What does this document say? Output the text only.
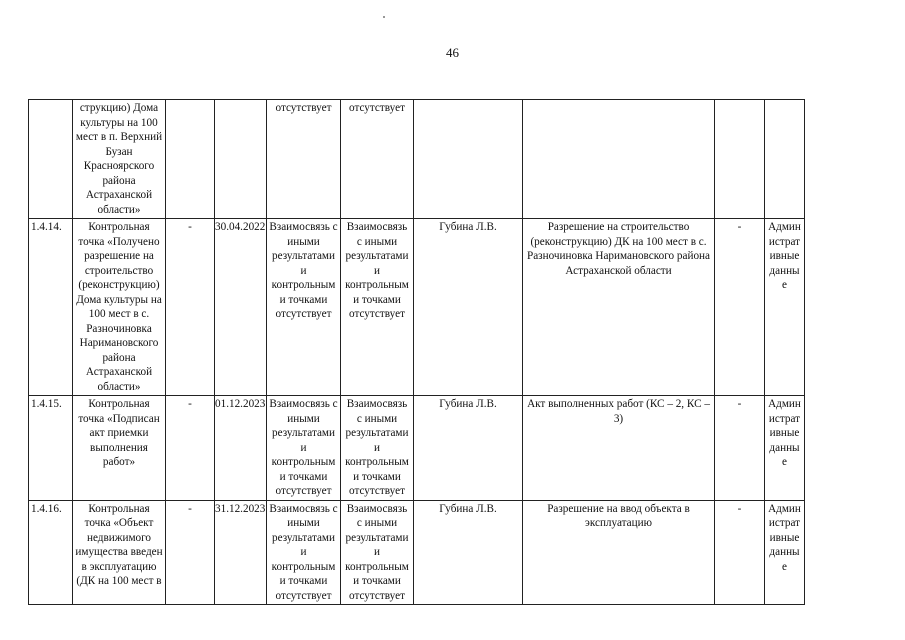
46
	струкцию) Дома культуры на 100 мест в п. Верхний Бузан Красноярского района Астраханской области»			отсутствует	отсутствует				
1.4.14.	Контрольная точка «Получено разрешение на строительство (реконструкцию) Дома культуры на 100 мест в с. Разночиновка Наримановского района Астраханской области»	-	30.04.2022	Взаимосвязь с иными результатами и контрольными точками отсутствует	Взаимосвязь с иными результатами и контрольными точками отсутствует	Губина Л.В.	Разрешение на строительство (реконструкцию) ДК на 100 мест в с. Разночиновка Наримановского района Астраханской области	-	Административные данные
1.4.15.	Контрольная точка «Подписан акт приемки выполнения работ»	-	01.12.2023	Взаимосвязь с иными результатами и контрольными точками отсутствует	Взаимосвязь с иными результатами и контрольными точками отсутствует	Губина Л.В.	Акт выполненных работ (КС – 2, КС – 3)	-	Административные данные
1.4.16.	Контрольная точка «Объект недвижимого имущества введен в эксплуатацию (ДК на 100 мест в	-	31.12.2023	Взаимосвязь с иными результатами и контрольными точками отсутствует	Взаимосвязь с иными результатами и контрольными точками отсутствует	Губина Л.В.	Разрешение на ввод объекта в эксплуатацию	-	Административные данные
